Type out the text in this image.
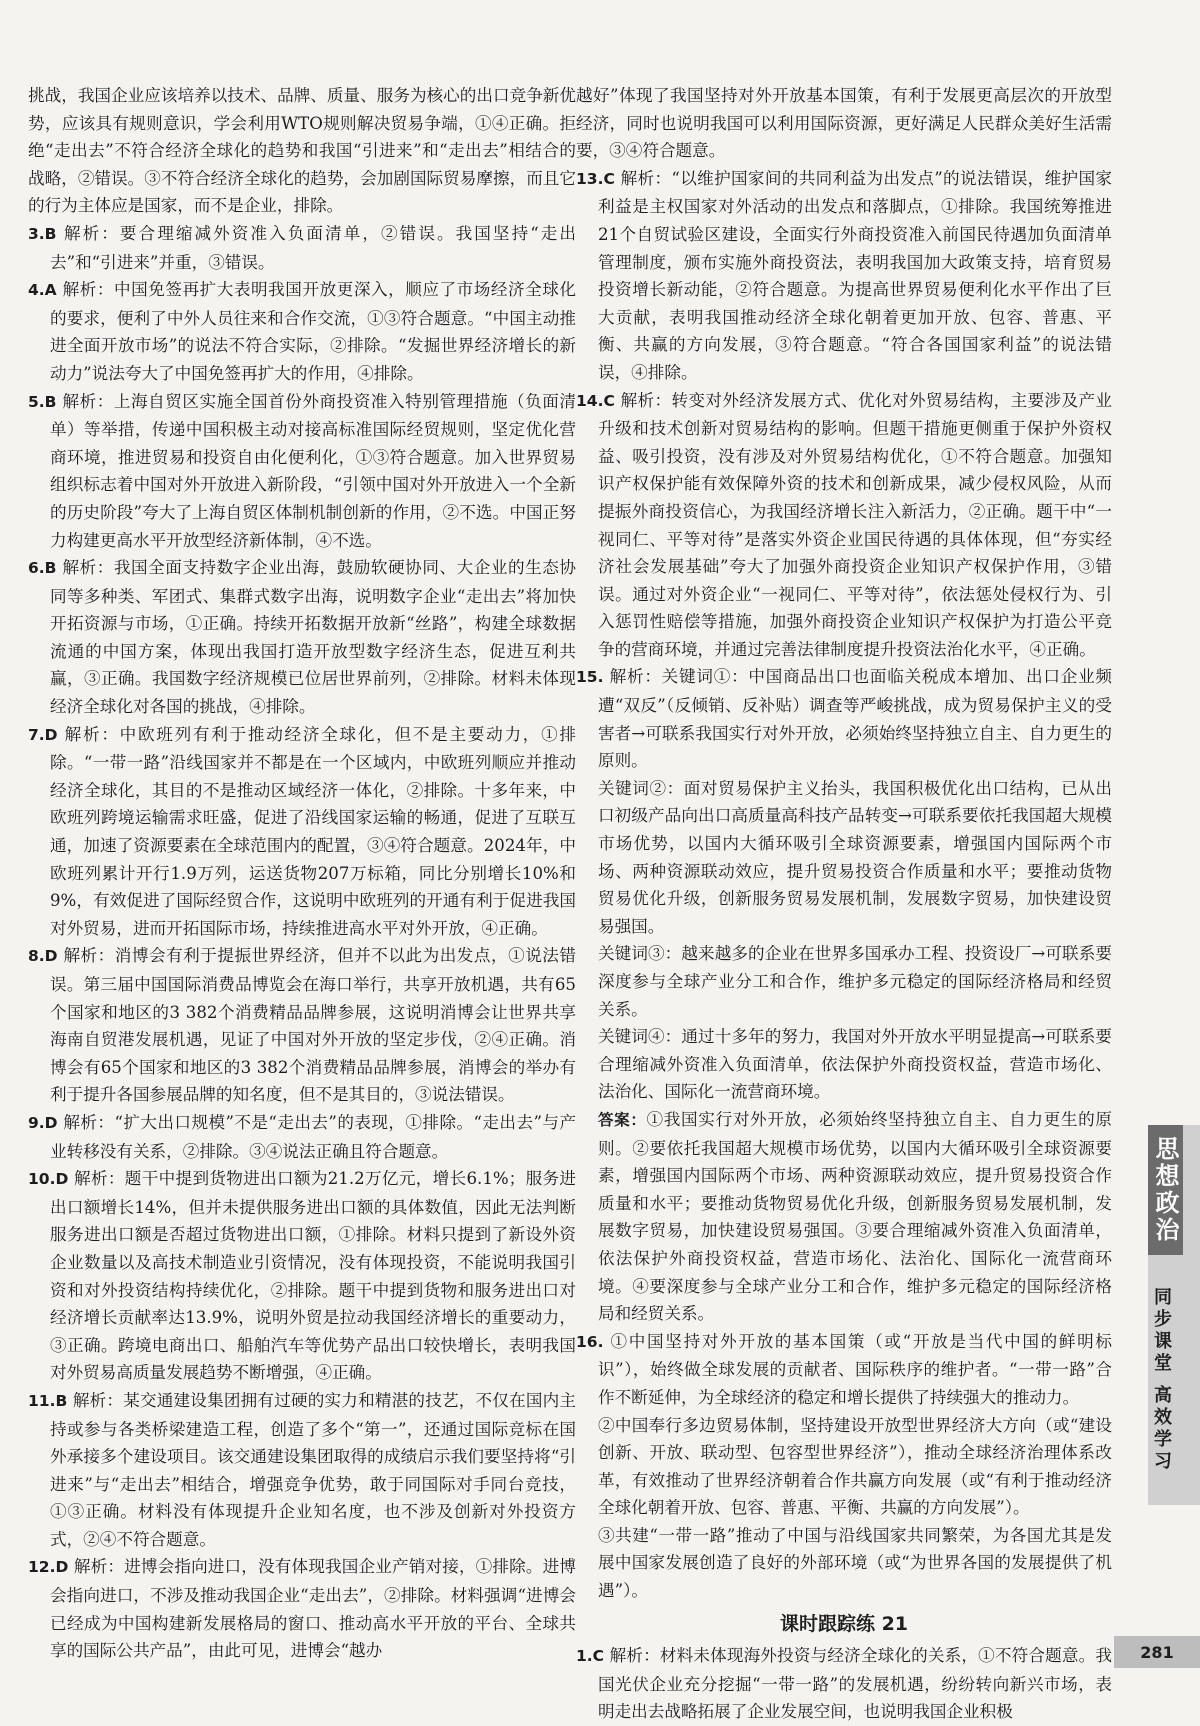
挑战，我国企业应该培养以技术、品牌、质量、服务为核心的出口竞争新优势，应该具有规则意识，学会利用WTO规则解决贸易争端，①④正确。拒绝“走出去”不符合经济全球化的趋势和我国“引进来”和“走出去”相结合的战略，②错误。③不符合经济全球化的趋势，会加剧国际贸易摩擦，而且它的行为主体应是国家，而不是企业，排除。

3.B 解析：要合理缩减外资准入负面清单，②错误。我国坚持“走出去”和“引进来”并重，③错误。

4.A 解析：中国免签再扩大表明我国开放更深入，顺应了市场经济全球化的要求，便利了中外人员往来和合作交流，①③符合题意。“中国主动推进全面开放市场”的说法不符合实际，②排除。“发掘世界经济增长的新动力”说法夸大了中国免签再扩大的作用，④排除。

5.B 解析：上海自贸区实施全国首份外商投资准入特别管理措施（负面清单）等举措，传递中国积极主动对接高标准国际经贸规则，坚定优化营商环境，推进贸易和投资自由化便利化，①③符合题意。加入世界贸易组织标志着中国对外开放进入新阶段，“引领中国对外开放进入一个全新的历史阶段”夸大了上海自贸区体制机制创新的作用，②不选。中国正努力构建更高水平开放型经济新体制，④不选。

6.B 解析：我国全面支持数字企业出海，鼓励软硬协同、大企业的生态协同等多种类、军团式、集群式数字出海，说明数字企业“走出去”将加快开拓资源与市场，①正确。持续开拓数据开放新“丝路”，构建全球数据流通的中国方案，体现出我国打造开放型数字经济生态，促进互利共赢，③正确。我国数字经济规模已位居世界前列，②排除。材料未体现经济全球化对各国的挑战，④排除。

7.D 解析：中欧班列有利于推动经济全球化，但不是主要动力，①排除。“一带一路”沿线国家并不都是在一个区域内，中欧班列顺应并推动经济全球化，其目的不是推动区域经济一体化，②排除。十多年来，中欧班列跨境运输需求旺盛，促进了沿线国家运输的畅通，促进了互联互通，加速了资源要素在全球范围内的配置，③④符合题意。2024年，中欧班列累计开行1.9万列，运送货物207万标箱，同比分别增长10%和9%，有效促进了国际经贸合作，这说明中欧班列的开通有利于促进我国对外贸易，进而开拓国际市场，持续推进高水平对外开放，④正确。

8.D 解析：消博会有利于提振世界经济，但并不以此为出发点，①说法错误。第三届中国国际消费品博览会在海口举行，共享开放机遇，共有65个国家和地区的3 382个消费精品品牌参展，这说明消博会让世界共享海南自贸港发展机遇，见证了中国对外开放的坚定步伐，②④正确。消博会有65个国家和地区的3 382个消费精品品牌参展，消博会的举办有利于提升各国参展品牌的知名度，但不是其目的，③说法错误。

9.D 解析：“扩大出口规模”不是“走出去”的表现，①排除。“走出去”与产业转移没有关系，②排除。③④说法正确且符合题意。

10.D 解析：题干中提到货物进出口额为21.2万亿元，增长6.1%；服务进出口额增长14%，但并未提供服务进出口额的具体数值，因此无法判断服务进出口额是否超过货物进出口额，①排除。材料只提到了新设外资企业数量以及高技术制造业引资情况，没有体现投资，不能说明我国引资和对外投资结构持续优化，②排除。题干中提到货物和服务进出口对经济增长贡献率达13.9%，说明外贸是拉动我国经济增长的重要动力，③正确。跨境电商出口、船舶汽车等优势产品出口较快增长，表明我国对外贸易高质量发展趋势不断增强，④正确。

11.B 解析：某交通建设集团拥有过硬的实力和精湛的技艺，不仅在国内主持或参与各类桥梁建造工程，创造了多个“第一”，还通过国际竞标在国外承接多个建设项目。该交通建设集团取得的成绩启示我们要坚持将“引进来”与“走出去”相结合，增强竞争优势，敢于同国际对手同台竞技，①③正确。材料没有体现提升企业知名度，也不涉及创新对外投资方式，②④不符合题意。

12.D 解析：进博会指向进口，没有体现我国企业产销对接，①排除。进博会指向进口，不涉及推动我国企业“走出去”，②排除。材料强调“进博会已经成为中国构建新发展格局的窗口、推动高水平开放的平台、全球共享的国际公共产品”，由此可见，进博会“越办

越好”体现了我国坚持对外开放基本国策，有利于发展更高层次的开放型经济，同时也说明我国可以利用国际资源，更好满足人民群众美好生活需要，③④符合题意。

13.C 解析：“以维护国家间的共同利益为出发点”的说法错误，维护国家利益是主权国家对外活动的出发点和落脚点，①排除。我国统筹推进21个自贸试验区建设，全面实行外商投资准入前国民待遇加负面清单管理制度，颁布实施外商投资法，表明我国加大政策支持，培育贸易投资增长新动能，②符合题意。为提高世界贸易便利化水平作出了巨大贡献，表明我国推动经济全球化朝着更加开放、包容、普惠、平衡、共赢的方向发展，③符合题意。“符合各国国家利益”的说法错误，④排除。

14.C 解析：转变对外经济发展方式、优化对外贸易结构，主要涉及产业升级和技术创新对贸易结构的影响。但题干措施更侧重于保护外资权益、吸引投资，没有涉及对外贸易结构优化，①不符合题意。加强知识产权保护能有效保障外资的技术和创新成果，减少侵权风险，从而提振外商投资信心，为我国经济增长注入新活力，②正确。题干中“一视同仁、平等对待”是落实外资企业国民待遇的具体体现，但“夯实经济社会发展基础”夸大了加强外商投资企业知识产权保护作用，③错误。通过对外资企业“一视同仁、平等对待”，依法惩处侵权行为、引入惩罚性赔偿等措施，加强外商投资企业知识产权保护为打造公平竞争的营商环境，并通过完善法律制度提升投资法治化水平，④正确。

15. 解析：关键词①：中国商品出口也面临关税成本增加、出口企业频遭“双反”（反倾销、反补贴）调查等严峻挑战，成为贸易保护主义的受害者→可联系我国实行对外开放，必须始终坚持独立自主、自力更生的原则。

关键词②：面对贸易保护主义抬头，我国积极优化出口结构，已从出口初级产品向出口高质量高科技产品转变→可联系要依托我国超大规模市场优势，以国内大循环吸引全球资源要素，增强国内国际两个市场、两种资源联动效应，提升贸易投资合作质量和水平；要推动货物贸易优化升级，创新服务贸易发展机制，发展数字贸易，加快建设贸易强国。

关键词③：越来越多的企业在世界多国承办工程、投资设厂→可联系要深度参与全球产业分工和合作，维护多元稳定的国际经济格局和经贸关系。

关键词④：通过十多年的努力，我国对外开放水平明显提高→可联系要合理缩减外资准入负面清单，依法保护外商投资权益，营造市场化、法治化、国际化一流营商环境。

答案：①我国实行对外开放，必须始终坚持独立自主、自力更生的原则。②要依托我国超大规模市场优势，以国内大循环吸引全球资源要素，增强国内国际两个市场、两种资源联动效应，提升贸易投资合作质量和水平；要推动货物贸易优化升级，创新服务贸易发展机制，发展数字贸易，加快建设贸易强国。③要合理缩减外资准入负面清单，依法保护外商投资权益，营造市场化、法治化、国际化一流营商环境。④要深度参与全球产业分工和合作，维护多元稳定的国际经济格局和经贸关系。

16. ①中国坚持对外开放的基本国策（或“开放是当代中国的鲜明标识”），始终做全球发展的贡献者、国际秩序的维护者。“一带一路”合作不断延伸，为全球经济的稳定和增长提供了持续强大的推动力。

②中国奉行多边贸易体制，坚持建设开放型世界经济大方向（或“建设创新、开放、联动型、包容型世界经济”），推动全球经济治理体系改革，有效推动了世界经济朝着合作共赢方向发展（或“有利于推动经济全球化朝着开放、包容、普惠、平衡、共赢的方向发展”）。

③共建“一带一路”推动了中国与沿线国家共同繁荣，为各国尤其是发展中国家发展创造了良好的外部环境（或“为世界各国的发展提供了机遇”）。

课时跟踪练 21

1.C 解析：材料未体现海外投资与经济全球化的关系，①不符合题意。我国光伏企业充分挖掘“一带一路”的发展机遇，纷纷转向新兴市场，表明走出去战略拓展了企业发展空间，也说明我国企业积极

思想政治
同步课堂 高效学习
281
